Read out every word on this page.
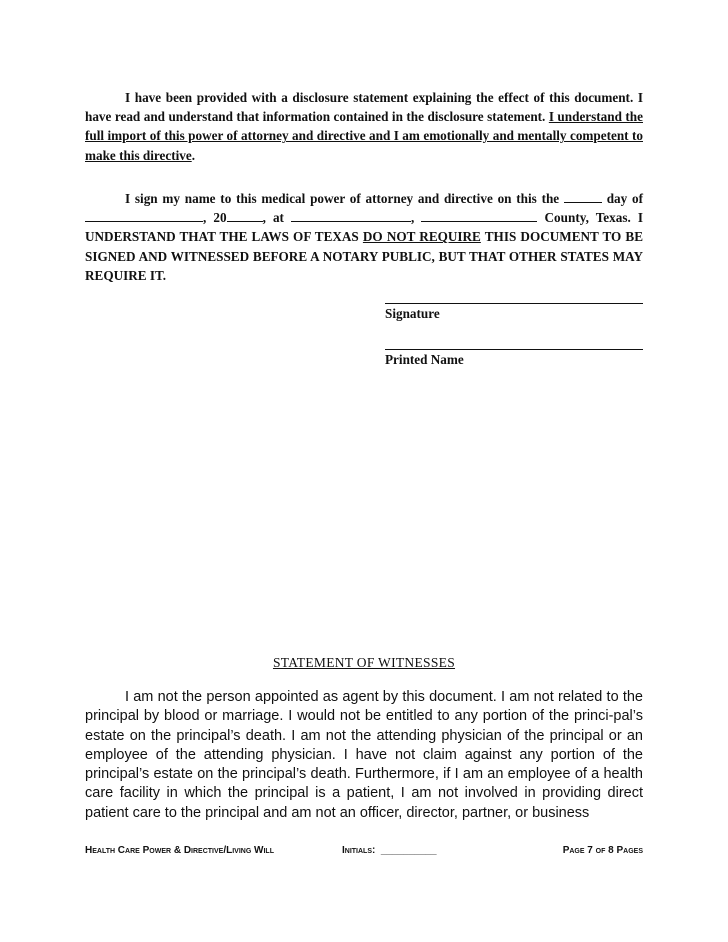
I have been provided with a disclosure statement explaining the effect of this document. I have read and understand that information contained in the disclosure statement. I understand the full import of this power of attorney and directive and I am emotionally and mentally competent to make this directive.

I sign my name to this medical power of attorney and directive on this the	day of , 20	, at	,	County, Texas. I UNDERSTAND THAT THE LAWS OF TEXAS DO NOT REQUIRE THIS DOCUMENT TO BE SIGNED AND WITNESSED BEFORE A NOTARY PUBLIC, BUT THAT OTHER STATES MAY REQUIRE IT.

Signature
Printed Name
STATEMENT OF WITNESSES

I am not the person appointed as agent by this document. I am not related to the principal by blood or marriage. I would not be entitled to any portion of the princi-pal’s estate on the principal’s death. I am not the attending physician of the principal or an employee of the attending physician. I have not claim against any portion of the principal’s estate on the principal’s death. Furthermore, if I am an employee of a health care facility in which the principal is a patient, I am not involved in providing direct patient care to the principal and am not an officer, director, partner, or business

Health Care Power & Directive/Living Will	Initials: __________	Page 7 of 8 Pages
